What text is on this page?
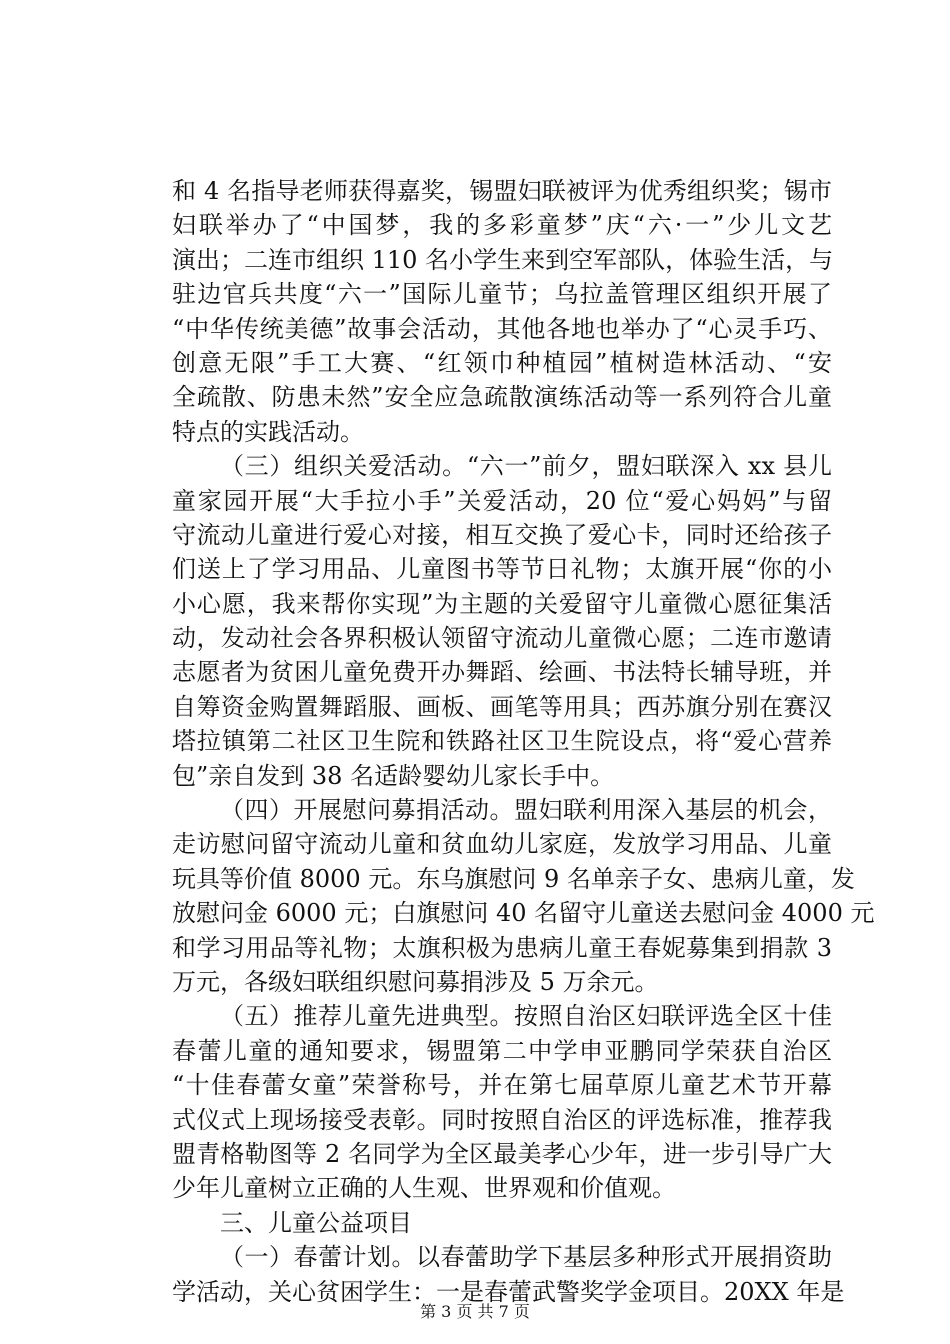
和 4 名指导老师获得嘉奖，锡盟妇联被评为优秀组织奖；锡市
妇联举办了“中国梦，我的多彩童梦”庆“六·一”少儿文艺
演出；二连市组织 110 名小学生来到空军部队，体验生活，与
驻边官兵共度“六一”国际儿童节；乌拉盖管理区组织开展了
“中华传统美德”故事会活动，其他各地也举办了“心灵手巧、
创意无限”手工大赛、“红领巾种植园”植树造林活动、“安
全疏散、防患未然”安全应急疏散演练活动等一系列符合儿童
特点的实践活动。
（三）组织关爱活动。“六一”前夕，盟妇联深入 xx 县儿
童家园开展“大手拉小手”关爱活动，20 位“爱心妈妈”与留
守流动儿童进行爱心对接，相互交换了爱心卡，同时还给孩子
们送上了学习用品、儿童图书等节日礼物；太旗开展“你的小
小心愿，我来帮你实现”为主题的关爱留守儿童微心愿征集活
动，发动社会各界积极认领留守流动儿童微心愿；二连市邀请
志愿者为贫困儿童免费开办舞蹈、绘画、书法特长辅导班，并
自筹资金购置舞蹈服、画板、画笔等用具；西苏旗分别在赛汉
塔拉镇第二社区卫生院和铁路社区卫生院设点，将“爱心营养
包”亲自发到 38 名适龄婴幼儿家长手中。
（四）开展慰问募捐活动。盟妇联利用深入基层的机会，
走访慰问留守流动儿童和贫血幼儿家庭，发放学习用品、儿童
玩具等价值 8000 元。东乌旗慰问 9 名单亲子女、患病儿童，发
放慰问金 6000 元；白旗慰问 40 名留守儿童送去慰问金 4000 元
和学习用品等礼物；太旗积极为患病儿童王春妮募集到捐款 3
万元，各级妇联组织慰问募捐涉及 5 万余元。
（五）推荐儿童先进典型。按照自治区妇联评选全区十佳
春蕾儿童的通知要求，锡盟第二中学申亚鹏同学荣获自治区
“十佳春蕾女童”荣誉称号，并在第七届草原儿童艺术节开幕
式仪式上现场接受表彰。同时按照自治区的评选标准，推荐我
盟青格勒图等 2 名同学为全区最美孝心少年，进一步引导广大
少年儿童树立正确的人生观、世界观和价值观。
三、儿童公益项目
（一）春蕾计划。以春蕾助学下基层多种形式开展捐资助
学活动，关心贫困学生：一是春蕾武警奖学金项目。20XX 年是
第 3 页 共 7 页
